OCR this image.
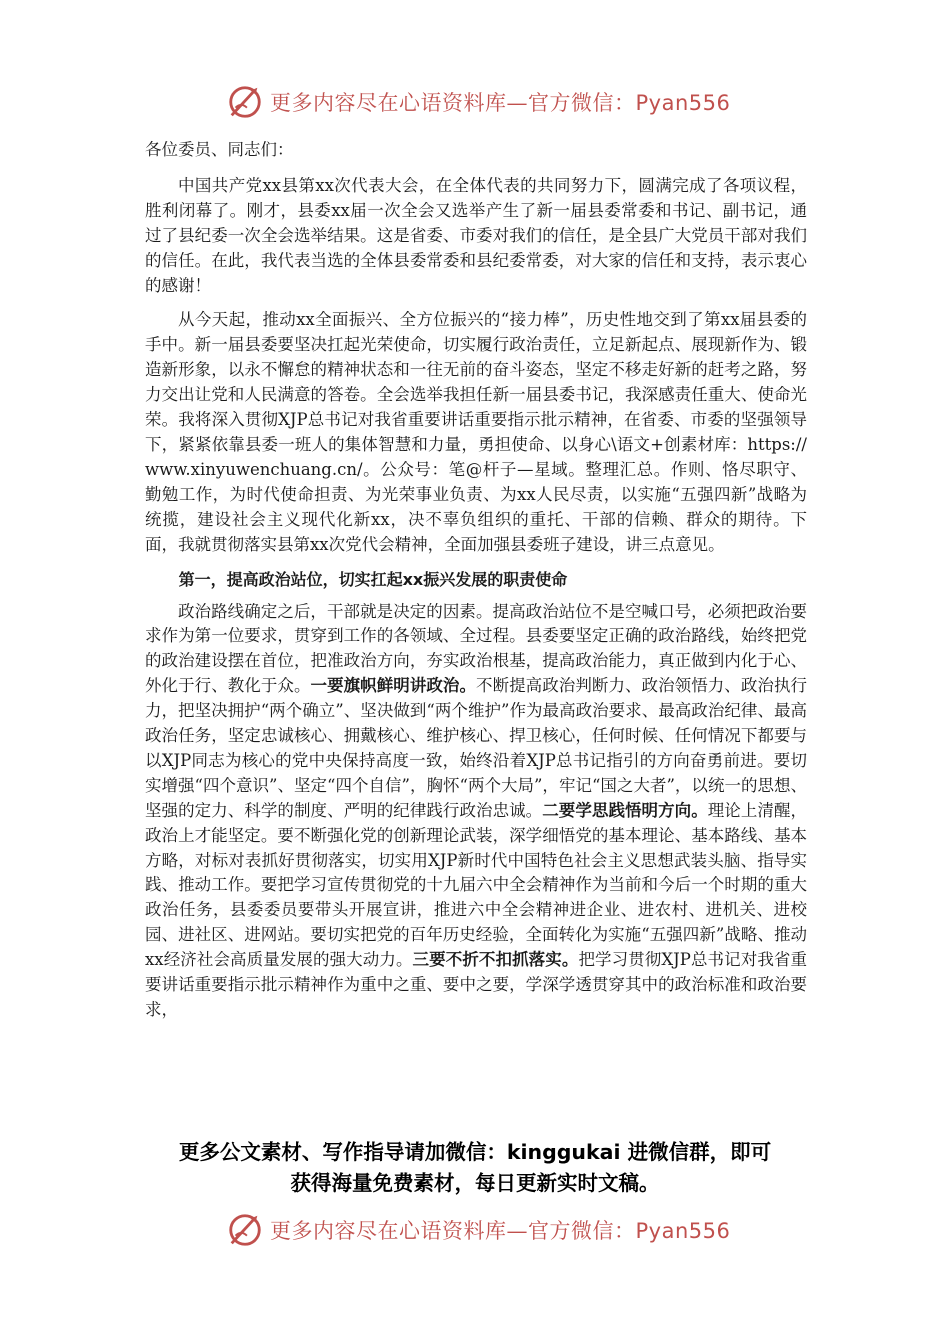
更多内容尽在心语资料库—官方微信：Pyan556

各位委员、同志们：

中国共产党xx县第xx次代表大会，在全体代表的共同努力下，圆满完成了各项议程，胜利闭幕了。刚才，县委xx届一次全会又选举产生了新一届县委常委和书记、副书记，通过了县纪委一次全会选举结果。这是省委、市委对我们的信任，是全县广大党员干部对我们的信任。在此，我代表当选的全体县委常委和县纪委常委，对大家的信任和支持，表示衷心的感谢！

从今天起，推动xx全面振兴、全方位振兴的“接力棒”，历史性地交到了第xx届县委的手中。新一届县委要坚决扛起光荣使命，切实履行政治责任，立足新起点、展现新作为、锻造新形象，以永不懈怠的精神状态和一往无前的奋斗姿态，坚定不移走好新的赶考之路，努力交出让党和人民满意的答卷。全会选举我担任新一届县委书记，我深感责任重大、使命光荣。我将深入贯彻XJP总书记对我省重要讲话重要指示批示精神，在省委、市委的坚强领导下，紧紧依靠县委一班人的集体智慧和力量，勇担使命、以身心\语文+创素材库：https://www.xinyuwenchuang.cn/。公众号：笔@杆子—星域。整理汇总。作则、恪尽职守、勤勉工作，为时代使命担责、为光荣事业负责、为xx人民尽责，以实施“五强四新”战略为统揽，建设社会主义现代化新xx，决不辜负组织的重托、干部的信赖、群众的期待。下面，我就贯彻落实县第xx次党代会精神，全面加强县委班子建设，讲三点意见。

第一，提高政治站位，切实扛起xx振兴发展的职责使命

政治路线确定之后，干部就是决定的因素。提高政治站位不是空喊口号，必须把政治要求作为第一位要求，贯穿到工作的各领域、全过程。县委要坚定正确的政治路线，始终把党的政治建设摆在首位，把准政治方向，夯实政治根基，提高政治能力，真正做到内化于心、外化于行、教化于众。一要旗帜鲜明讲政治。不断提高政治判断力、政治领悟力、政治执行力，把坚决拥护“两个确立”、坚决做到“两个维护”作为最高政治要求、最高政治纪律、最高政治任务，坚定忠诚核心、拥戴核心、维护核心、捍卫核心，任何时候、任何情况下都要与以XJP同志为核心的党中央保持高度一致，始终沿着XJP总书记指引的方向奋勇前进。要切实增强“四个意识”、坚定“四个自信”，胸怀“两个大局”，牢记“国之大者”，以统一的思想、坚强的定力、科学的制度、严明的纪律践行政治忠诚。二要学思践悟明方向。理论上清醒，政治上才能坚定。要不断强化党的创新理论武装，深学细悟党的基本理论、基本路线、基本方略，对标对表抓好贯彻落实，切实用XJP新时代中国特色社会主义思想武装头脑、指导实践、推动工作。要把学习宣传贯彻党的十九届六中全会精神作为当前和今后一个时期的重大政治任务，县委委员要带头开展宣讲，推进六中全会精神进企业、进农村、进机关、进校园、进社区、进网站。要切实把党的百年历史经验，全面转化为实施“五强四新”战略、推动xx经济社会高质量发展的强大动力。三要不折不扣抓落实。把学习贯彻XJP总书记对我省重要讲话重要指示批示精神作为重中之重、要中之要，学深学透贯穿其中的政治标准和政治要求，

更多公文素材、写作指导请加微信：kinggukai 进微信群，即可
获得海量免费素材，每日更新实时文稿。
更多内容尽在心语资料库—官方微信：Pyan556
